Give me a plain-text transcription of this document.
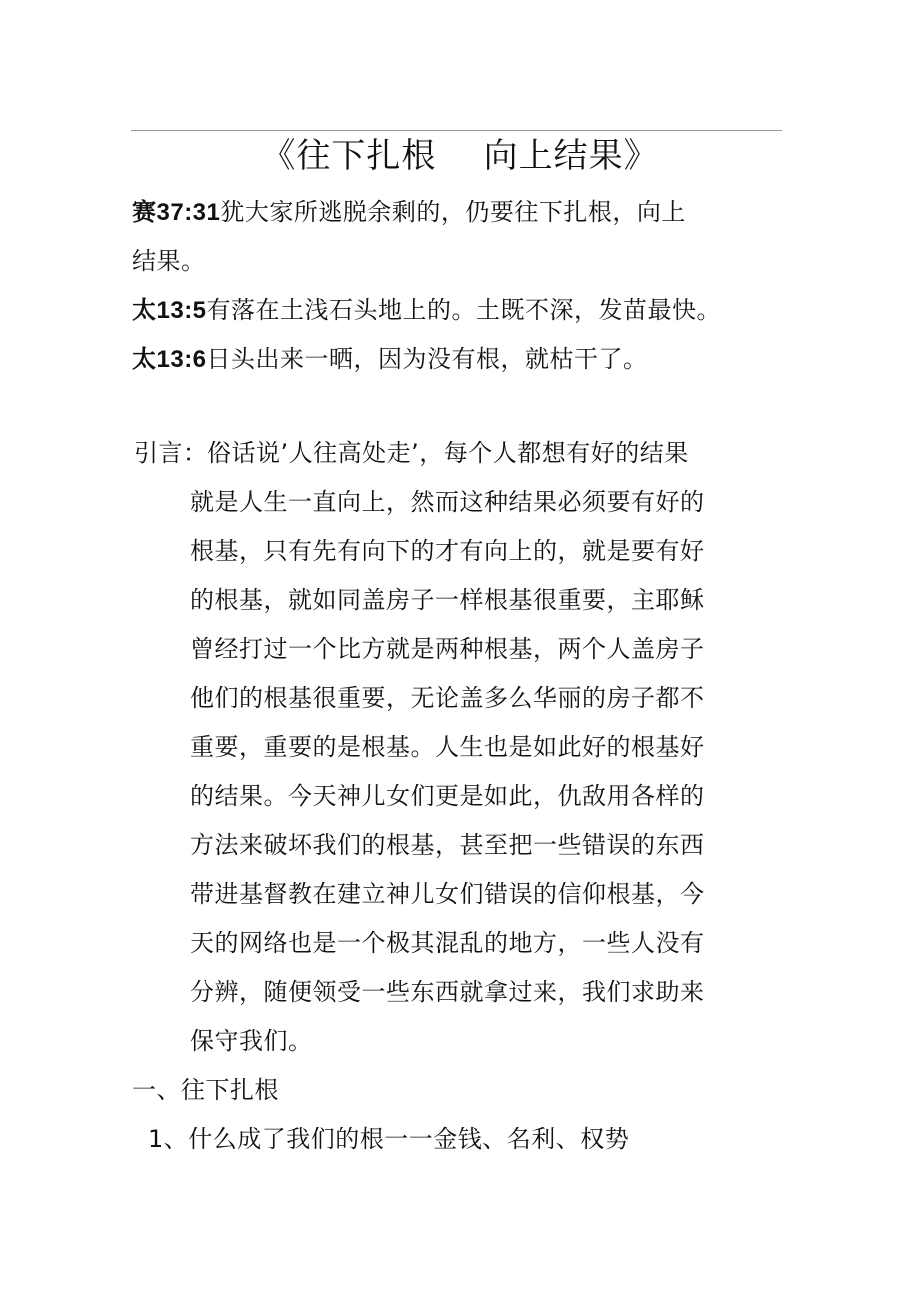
《往下扎根    向上结果》
赛37:31犹大家所逃脱余剩的，仍要往下扎根，向上
结果。
太13:5有落在土浅石头地上的。土既不深，发苗最快。
太13:6日头出来一晒，因为没有根，就枯干了。
引言： 俗话说’人往高处走’，每个人都想有好的结果
就是人生一直向上，然而这种结果必须要有好的
根基，只有先有向下的才有向上的，就是要有好
的根基，就如同盖房子一样根基很重要，主耶稣
曾经打过一个比方就是两种根基，两个人盖房子
他们的根基很重要，无论盖多么华丽的房子都不
重要，重要的是根基。人生也是如此好的根基好
的结果。今天神儿女们更是如此，仇敌用各样的
方法来破坏我们的根基，甚至把一些错误的东西
带进基督教在建立神儿女们错误的信仰根基，今
天的网络也是一个极其混乱的地方，一些人没有
分辨，随便领受一些东西就拿过来，我们求助来
保守我们。
一、往下扎根
1、什么成了我们的根一一金钱、名利、权势
